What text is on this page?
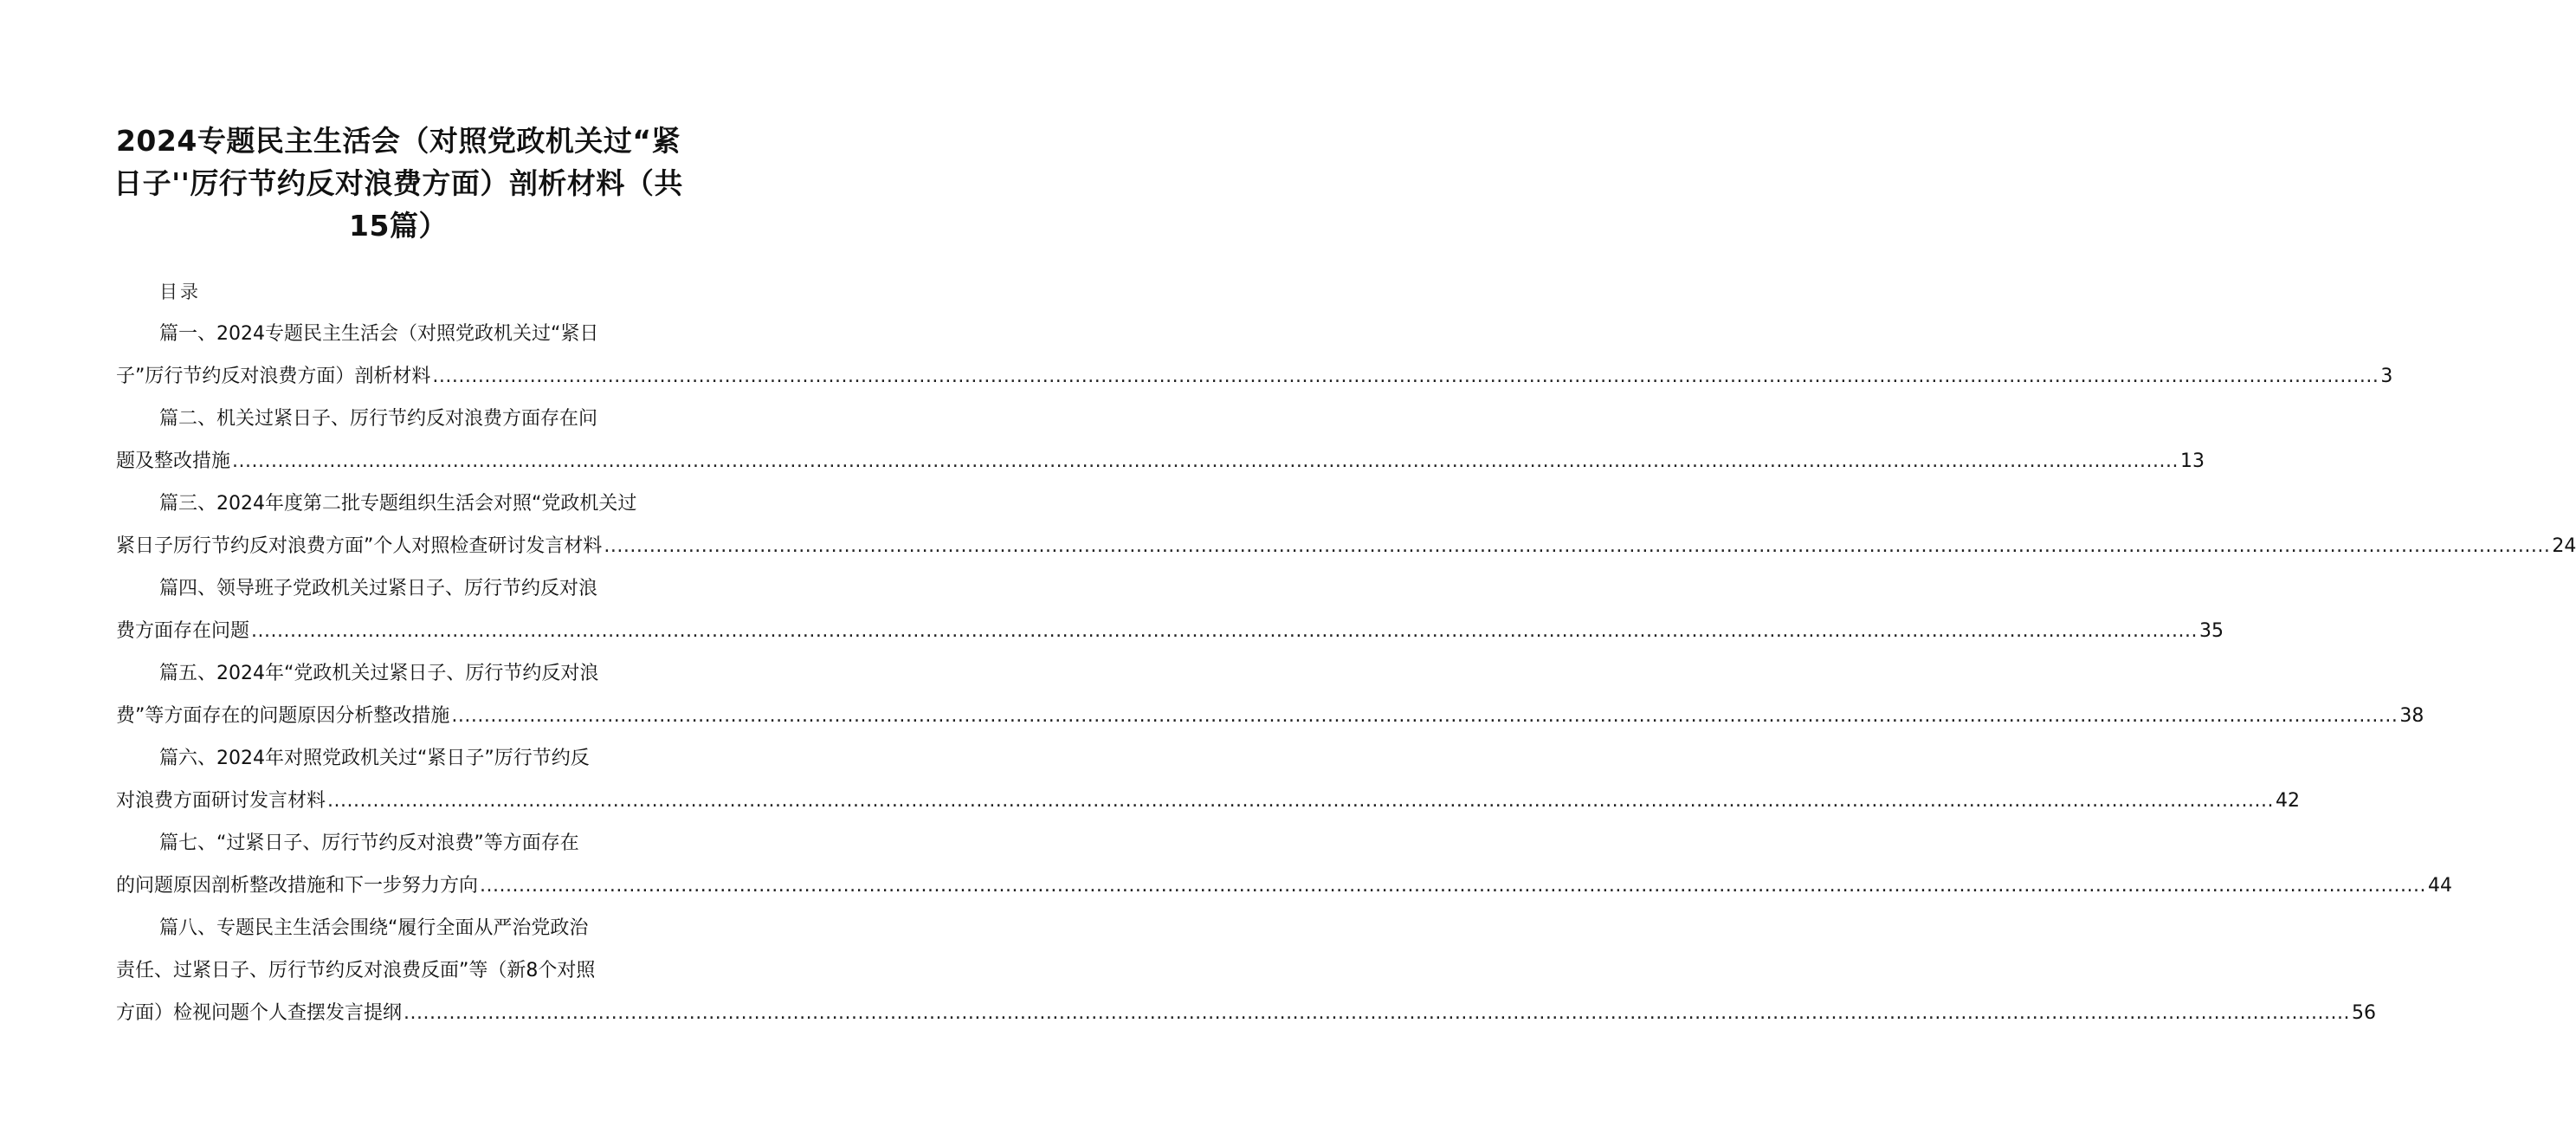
2024专题民主生活会（对照党政机关过“紧
日子''厉行节约反对浪费方面）剖析材料（共
15篇）
目录
篇一、2024专题民主生活会（对照党政机关过“紧日
子”厉行节约反对浪费方面）剖析材料 ............................................................................................................................................................................................................................................................................................................ 3
篇二、机关过紧日子、厉行节约反对浪费方面存在问
题及整改措施 ............................................................................................................................................................................................................................................................................................................ 13
篇三、2024年度第二批专题组织生活会对照“党政机关过
紧日子厉行节约反对浪费方面”个人对照检查研讨发言材料 ............................................................................................................................................................................................................................................................................................................ 24
篇四、领导班子党政机关过紧日子、厉行节约反对浪
费方面存在问题 ............................................................................................................................................................................................................................................................................................................ 35
篇五、2024年“党政机关过紧日子、厉行节约反对浪
费”等方面存在的问题原因分析整改措施 ............................................................................................................................................................................................................................................................................................................ 38
篇六、2024年对照党政机关过“紧日子”厉行节约反
对浪费方面研讨发言材料 ............................................................................................................................................................................................................................................................................................................ 42
篇七、“过紧日子、厉行节约反对浪费”等方面存在
的问题原因剖析整改措施和下一步努力方向 ............................................................................................................................................................................................................................................................................................................ 44
篇八、专题民主生活会围绕“履行全面从严治党政治
责任、过紧日子、厉行节约反对浪费反面”等（新8个对照
方面）检视问题个人查摆发言提纲 ............................................................................................................................................................................................................................................................................................................ 56
